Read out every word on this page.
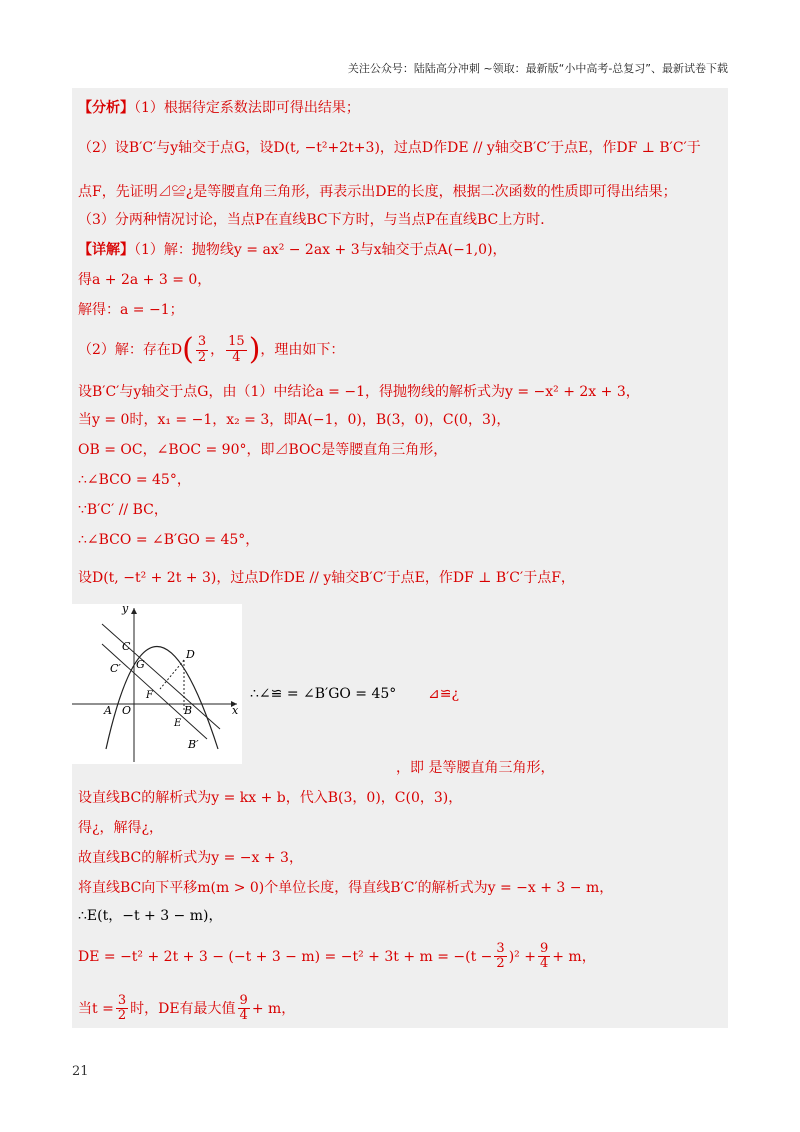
关注公众号：陆陆高分冲刺 ~领取：最新版“小中高考-总复习”、最新试卷下载
【分析】（1）根据待定系数法即可得出结果；
（2）设B′C′与y轴交于点G，设D(t, −t²+2t+3)，过点D作DE // y轴交B′C′于点E，作DF ⊥ B′C′于
点F，先证明⊿≌¿是等腰直角三角形，再表示出DE的长度，根据二次函数的性质即可得出结果；
（3）分两种情况讨论，当点P在直线BC下方时，与当点P在直线BC上方时．
【详解】（1）解：抛物线y = ax² − 2ax + 3与x轴交于点A(−1,0)，
得a + 2a + 3 = 0，
解得：a = −1；
（2）解：存在$D( \frac{3}{2}$ ， $\frac{15}{4}$ )，理由如下：
设B′C′与y轴交于点G，由（1）中结论a = −1，得抛物线的解析式为y = −x² + 2x + 3，
当y = 0时，x₁ = −1，x₂ = 3，即A(−1，0)，B(3，0)，C(0，3)，
OB = OC，∠BOC = 90°，即⊿BOC是等腰直角三角形，
∴∠BCO = 45°，
∵B′C′ // BC，
∴∠BCO = ∠B′GO = 45°，
设D(t, −t² + 2t + 3)，过点D作DE // y轴交B′C′于点E，作DF ⊥ B′C′于点F，
y
x
O
A	B
C
C′ G
F
E
D
B′
∴∠≌ = ∠B′GO = 45° ⊿≌¿
，即 是等腰直角三角形，
设直线BC的解析式为y = kx + b，代入B(3，0)，C(0，3)，
得¿，解得¿，
故直线BC的解析式为y = −x + 3，
将直线BC向下平移m(m > 0)个单位长度，得直线B′C′的解析式为y = −x + 3 − m，
∴E(t，−t + 3 − m)，
DE = $-t^2 + 2t + 3 - (-t + 3 - m) = -t^2 + 3t + m = -(t - \frac{3}{2} )^2 + \frac{9}{4} + m$，
当$t = \frac{3}{2}$ 时，DE有最大值 $\frac{9}{4} + m$，
21
